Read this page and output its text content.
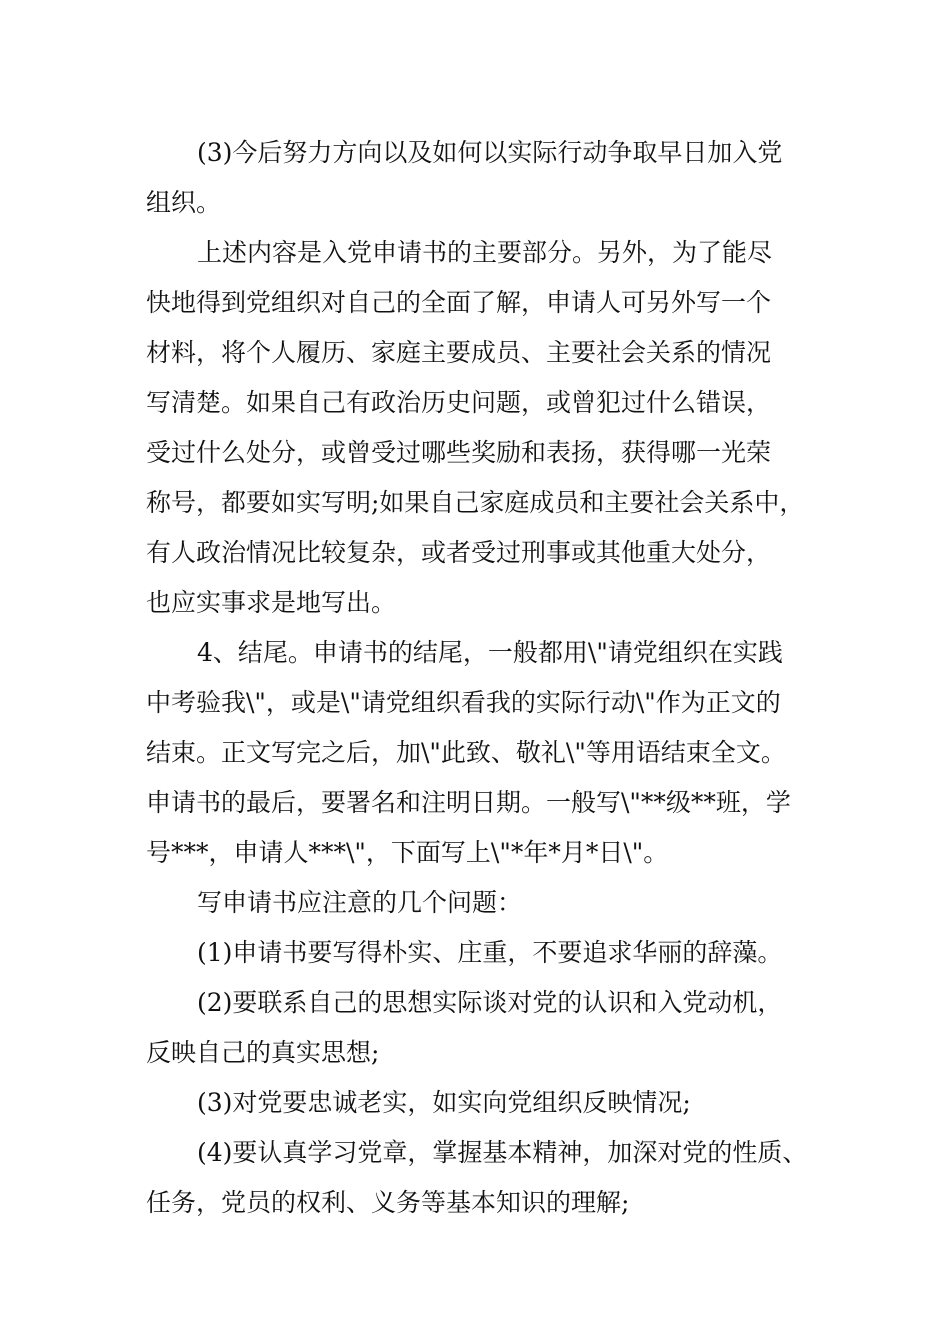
(3)今后努力方向以及如何以实际行动争取早日加入党
组织。
上述内容是入党申请书的主要部分。另外，为了能尽
快地得到党组织对自己的全面了解，申请人可另外写一个
材料，将个人履历、家庭主要成员、主要社会关系的情况
写清楚。如果自己有政治历史问题，或曾犯过什么错误，
受过什么处分，或曾受过哪些奖励和表扬，获得哪一光荣
称号，都要如实写明;如果自己家庭成员和主要社会关系中，
有人政治情况比较复杂，或者受过刑事或其他重大处分，
也应实事求是地写出。
4、结尾。申请书的结尾，一般都用\"请党组织在实践
中考验我\"，或是\"请党组织看我的实际行动\"作为正文的
结束。正文写完之后，加\"此致、敬礼\"等用语结束全文。
申请书的最后，要署名和注明日期。一般写\"**级**班，学
号***，申请人***\"，下面写上\"*年*月*日\"。
写申请书应注意的几个问题：
(1)申请书要写得朴实、庄重，不要追求华丽的辞藻。
(2)要联系自己的思想实际谈对党的认识和入党动机，
反映自己的真实思想;
(3)对党要忠诚老实，如实向党组织反映情况;
(4)要认真学习党章，掌握基本精神，加深对党的性质、
任务，党员的权利、义务等基本知识的理解;
